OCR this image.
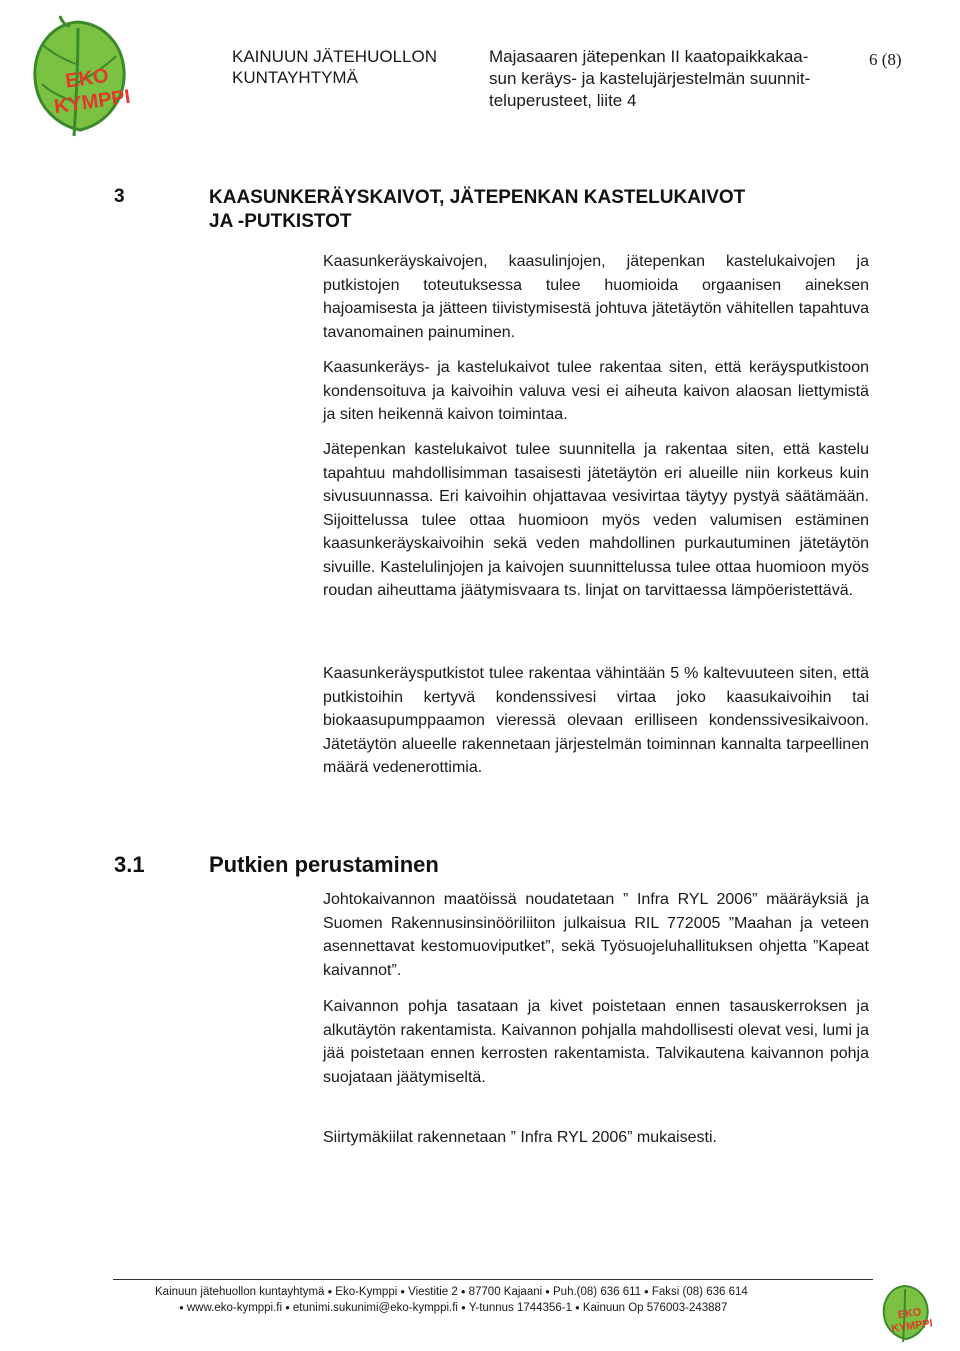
EKO
KYMPPI
KAINUUN JÄTEHUOLLON
KUNTAYHTYMÄ
Majasaaren jätepenkan II kaatopaikkakaa-
sun keräys- ja kastelujärjestelmän suunnit-
teluperusteet, liite 4
6 (8)
3	KAASUNKERÄYSKAIVOT, JÄTEPENKAN KASTELUKAIVOT
JA -PUTKISTOT

Kaasunkeräyskaivojen, kaasulinjojen, jätepenkan kastelukaivojen ja putkistojen toteutuksessa tulee huomioida orgaanisen aineksen hajoamisesta ja jätteen tiivistymisestä johtuva jätetäytön vähitellen tapahtuva tavanomainen painuminen.

Kaasunkeräys- ja kastelukaivot tulee rakentaa siten, että keräysputkistoon kondensoituva ja kaivoihin valuva vesi ei aiheuta kaivon alaosan liettymistä ja siten heikennä kaivon toimintaa.

Jätepenkan kastelukaivot tulee suunnitella ja rakentaa siten, että kastelu tapahtuu mahdollisimman tasaisesti jätetäytön eri alueille niin korkeus kuin sivusuunnassa. Eri kaivoihin ohjattavaa vesivirtaa täytyy pystyä säätämään. Sijoittelussa tulee ottaa huomioon myös veden valumisen estäminen kaasunkeräyskaivoihin sekä veden mahdollinen purkautuminen jätetäytön sivuille. Kastelulinjojen ja kaivojen suunnittelussa tulee ottaa huomioon myös roudan aiheuttama jäätymisvaara ts. linjat on tarvittaessa lämpöeristettävä.

Kaasunkeräysputkistot tulee rakentaa vähintään 5 % kaltevuuteen siten, että putkistoihin kertyvä kondenssivesi virtaa joko kaasukaivoihin tai biokaasupumppaamon vieressä olevaan erilliseen kondenssivesikaivoon. Jätetäytön alueelle rakennetaan järjestelmän toiminnan kannalta tarpeellinen määrä vedenerottimia.

3.1	Putkien perustaminen

Johtokaivannon maatöissä noudatetaan ” Infra RYL 2006” määräyksiä ja Suomen Rakennusinsinööriliiton julkaisua RIL 772005 ”Maahan ja veteen asennettavat kestomuoviputket”, sekä Työsuojeluhallituksen ohjetta ”Kapeat kaivannot”.

Kaivannon pohja tasataan ja kivet poistetaan ennen tasauskerroksen ja alkutäytön rakentamista. Kaivannon pohjalla mahdollisesti olevat vesi, lumi ja jää poistetaan ennen kerrosten rakentamista. Talvikautena kaivannon pohja suojataan jäätymiseltä.

Siirtymäkiilat rakennetaan ” Infra RYL 2006” mukaisesti.

Kainuun jätehuollon kuntayhtymä ● Eko-Kymppi ● Viestitie 2 ● 87700 Kajaani ● Puh.(08) 636 611 ● Faksi (08) 636 614
● www.eko-kymppi.fi ● etunimi.sukunimi@eko-kymppi.fi ● Y-tunnus 1744356-1 ● Kainuun Op 576003-243887	EKO
KYMPPI
